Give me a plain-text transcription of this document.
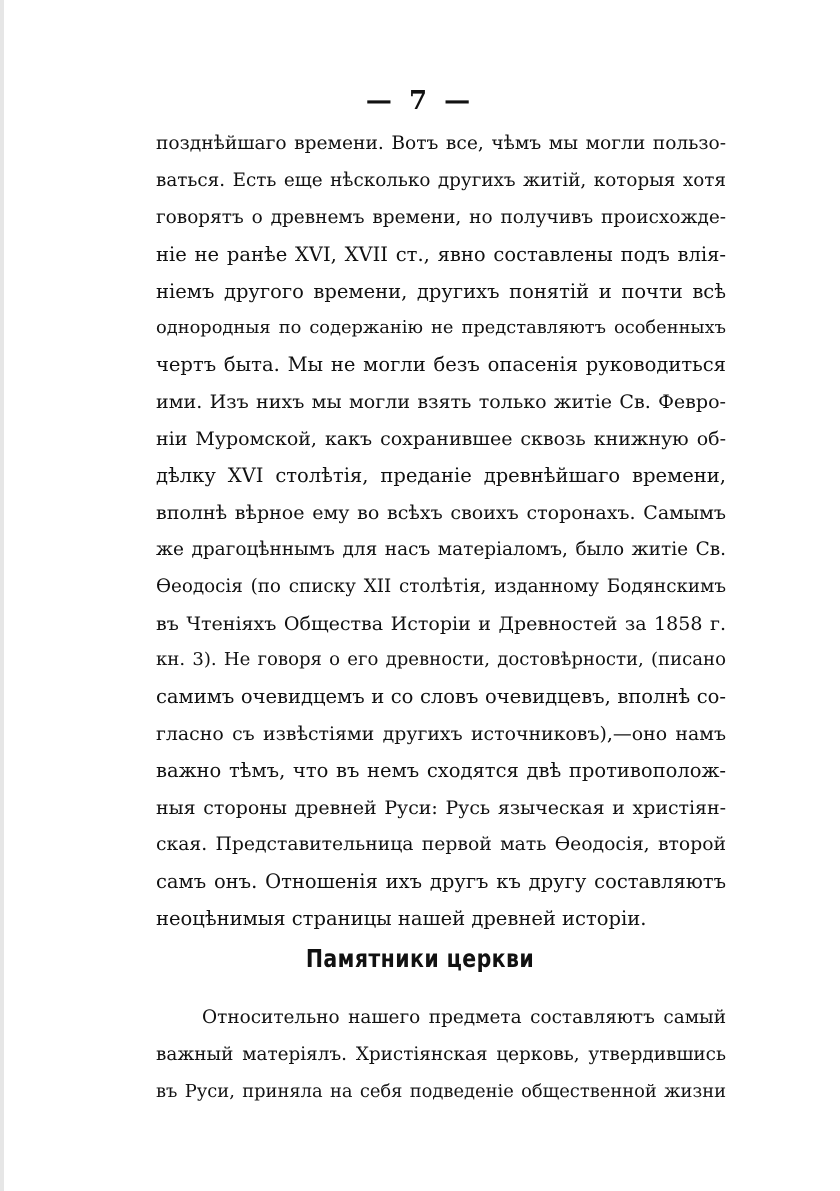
— 7 —
позднѣйшаго времени. Вотъ все, чѣмъ мы могли пользо-
ваться. Есть еще нѣсколько другихъ житій, которыя хотя
говорятъ о древнемъ времени, но получивъ происхожде-
ніе не ранѣе XVI, XVII ст., явно составлены подъ влія-
ніемъ другого времени, другихъ понятій и почти всѣ
однородныя по содержанію не представляютъ особенныхъ
чертъ быта. Мы не могли безъ опасенія руководиться
ими. Изъ нихъ мы могли взять только житіе Св. Февро-
ніи Муромской, какъ сохранившее сквозь книжную об-
дѣлку XVI столѣтія, преданіе древнѣйшаго времени,
вполнѣ вѣрное ему во всѣхъ своихъ сторонахъ. Самымъ
же драгоцѣннымъ для насъ матеріаломъ, было житіе Св.
Ѳеодосія (по списку XII столѣтія, изданному Бодянскимъ
въ Чтеніяхъ Общества Исторіи и Древностей за 1858 г.
кн. 3). Не говоря о его древности, достовѣрности, (писано
самимъ очевидцемъ и со словъ очевидцевъ, вполнѣ со-
гласно съ извѣстіями другихъ источниковъ),—оно намъ
важно тѣмъ, что въ немъ сходятся двѣ противополож-
ныя стороны древней Руси: Русь языческая и христіян-
ская. Представительница первой мать Ѳеодосія, второй
самъ онъ. Отношенія ихъ другъ къ другу составляютъ
неоцѣнимыя страницы нашей древней исторіи.
Памятники церкви
Относительно нашего предмета составляютъ самый
важный матеріялъ. Христіянская церковь, утвердившись
въ Руси, приняла на себя подведеніе общественной жизни
